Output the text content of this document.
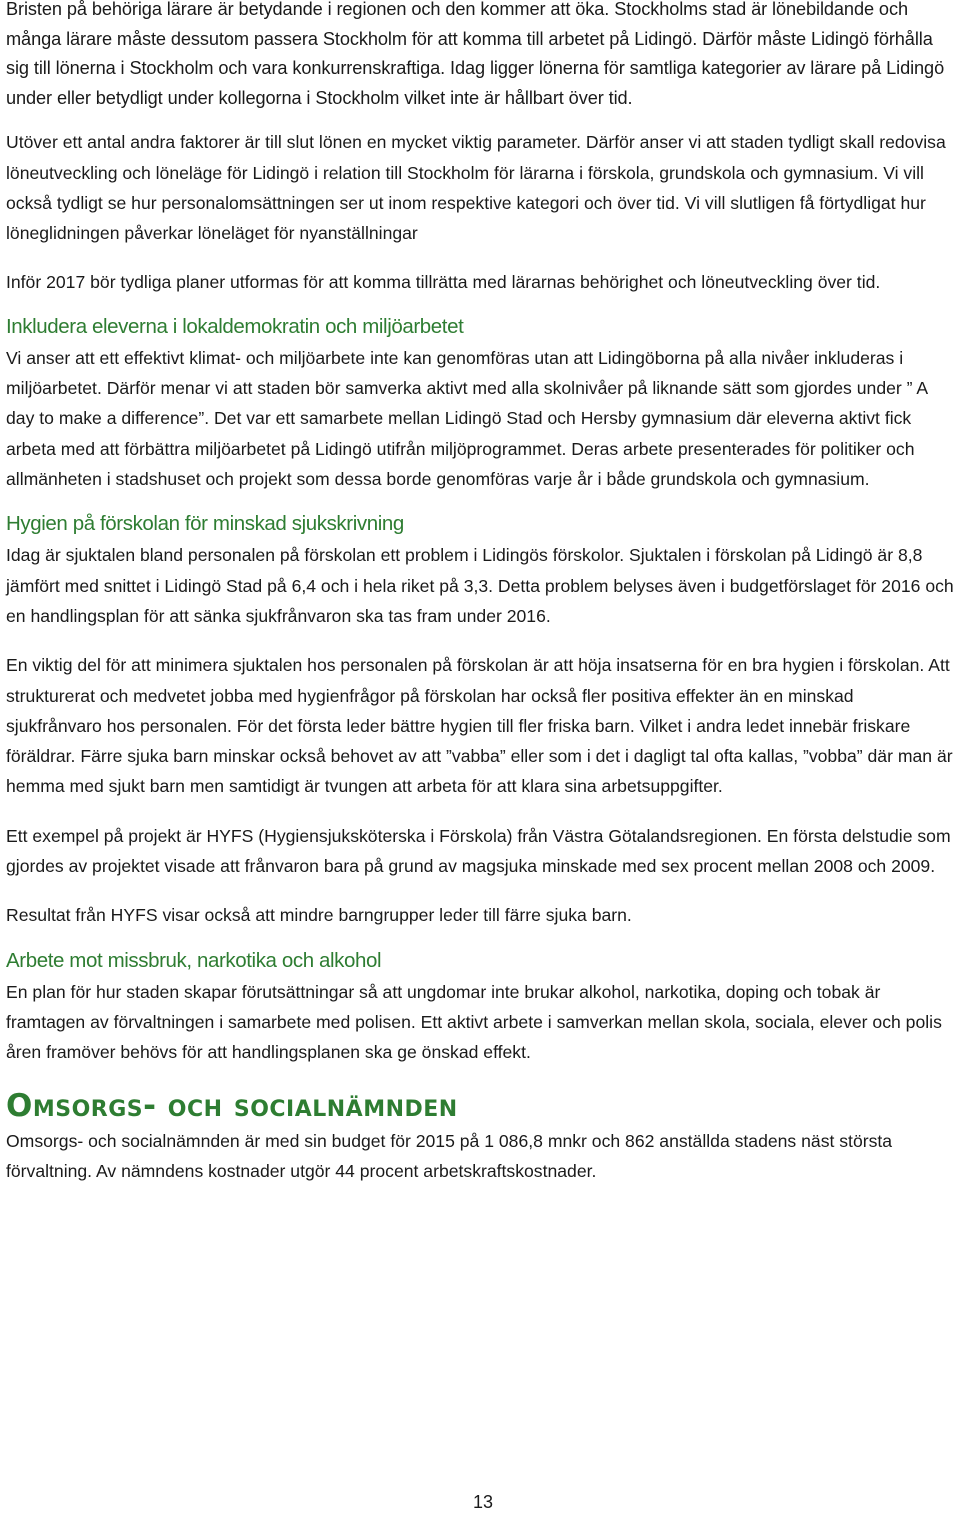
Bristen på behöriga lärare är betydande i regionen och den kommer att öka. Stockholms stad är lönebildande och många lärare måste dessutom passera Stockholm för att komma till arbetet på Lidingö. Därför måste Lidingö förhålla sig till lönerna i Stockholm och vara konkurrenskraftiga. Idag ligger lönerna för samtliga kategorier av lärare på Lidingö under eller betydligt under kollegorna i Stockholm vilket inte är hållbart över tid.

Utöver ett antal andra faktorer är till slut lönen en mycket viktig parameter. Därför anser vi att staden tydligt skall redovisa löneutveckling och löneläge för Lidingö i relation till Stockholm för lärarna i förskola, grundskola och gymnasium. Vi vill också tydligt se hur personalomsättningen ser ut inom respektive kategori och över tid. Vi vill slutligen få förtydligat hur löneglidningen påverkar löneläget för nyanställningar

Inför 2017 bör tydliga planer utformas för att komma tillrätta med lärarnas behörighet och löneutveckling över tid.

Inkludera eleverna i lokaldemokratin och miljöarbetet

Vi anser att ett effektivt klimat- och miljöarbete inte kan genomföras utan att Lidingöborna på alla nivåer inkluderas i miljöarbetet. Därför menar vi att staden bör samverka aktivt med alla skolnivåer på liknande sätt som gjordes under ” A day to make a difference”. Det var ett samarbete mellan Lidingö Stad och Hersby gymnasium där eleverna aktivt fick arbeta med att förbättra miljöarbetet på Lidingö utifrån miljöprogrammet. Deras arbete presenterades för politiker och allmänheten i stadshuset och projekt som dessa borde genomföras varje år i både grundskola och gymnasium.

Hygien på förskolan för minskad sjukskrivning

Idag är sjuktalen bland personalen på förskolan ett problem i Lidingös förskolor. Sjuktalen i förskolan på Lidingö är 8,8 jämfört med snittet i Lidingö Stad på 6,4 och i hela riket på 3,3. Detta problem belyses även i budgetförslaget för 2016 och en handlingsplan för att sänka sjukfrånvaron ska tas fram under 2016.

En viktig del för att minimera sjuktalen hos personalen på förskolan är att höja insatserna för en bra hygien i förskolan. Att strukturerat och medvetet jobba med hygienfrågor på förskolan har också fler positiva effekter än en minskad sjukfrånvaro hos personalen. För det första leder bättre hygien till fler friska barn. Vilket i andra ledet innebär friskare föräldrar. Färre sjuka barn minskar också behovet av att ”vabba” eller som i det i dagligt tal ofta kallas, ”vobba” där man är hemma med sjukt barn men samtidigt är tvungen att arbeta för att klara sina arbetsuppgifter.

Ett exempel på projekt är HYFS (Hygiensjuksköterska i Förskola) från Västra Götalandsregionen. En första delstudie som gjordes av projektet visade att frånvaron bara på grund av magsjuka minskade med sex procent mellan 2008 och 2009.

Resultat från HYFS visar också att mindre barngrupper leder till färre sjuka barn.

Arbete mot missbruk, narkotika och alkohol

En plan för hur staden skapar förutsättningar så att ungdomar inte brukar alkohol, narkotika, doping och tobak är framtagen av förvaltningen i samarbete med polisen. Ett aktivt arbete i samverkan mellan skola, sociala, elever och polis åren framöver behövs för att handlingsplanen ska ge önskad effekt.

Omsorgs- och socialnämnden

Omsorgs- och socialnämnden är med sin budget för 2015 på 1 086,8 mnkr och 862 anställda stadens näst största förvaltning. Av nämndens kostnader utgör 44 procent arbetskraftskostnader.

13
